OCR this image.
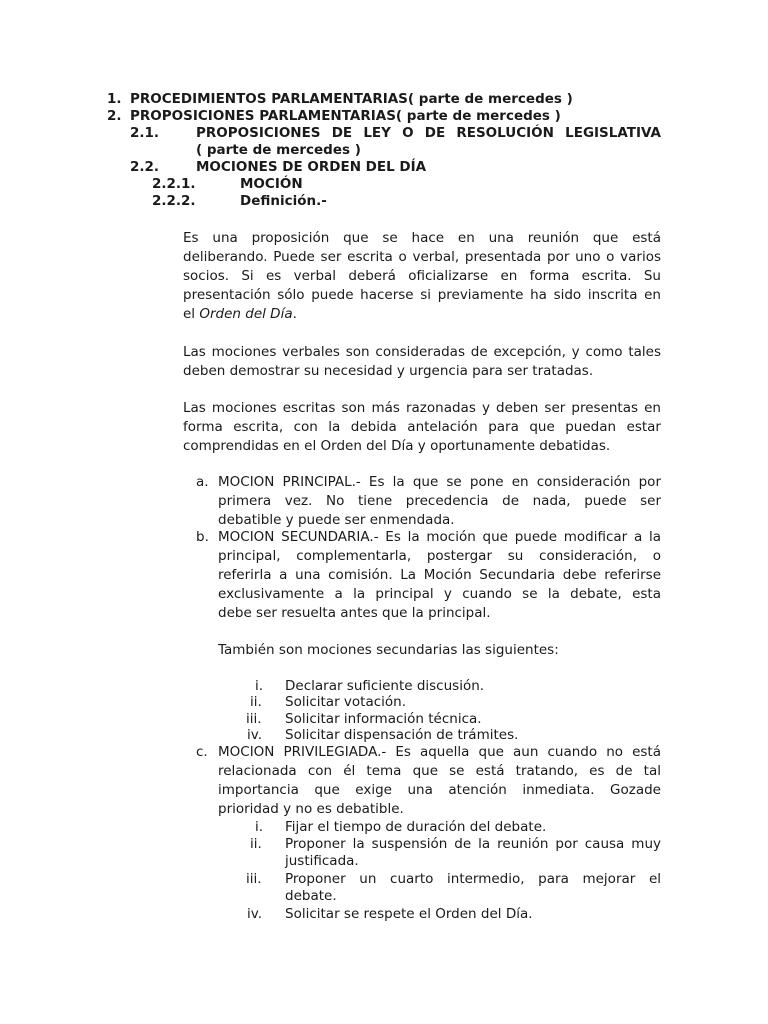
1. PROCEDIMIENTOS PARLAMENTARIAS( parte de mercedes )
2. PROPOSICIONES PARLAMENTARIAS( parte de mercedes )
2.1.	PROPOSICIONES DE LEY O DE RESOLUCIÓN LEGISLATIVA
( parte de mercedes )
2.2.	MOCIONES DE ORDEN DEL DÍA
2.2.1.	MOCIÓN
2.2.2.	Definición.-
Es una proposición que se hace en una reunión que está
deliberando. Puede ser escrita o verbal, presentada por uno o varios
socios. Si es verbal deberá oficializarse en forma escrita. Su
presentación sólo puede hacerse si previamente ha sido inscrita en
el Orden del Día.
Las mociones verbales son consideradas de excepción, y como tales
deben demostrar su necesidad y urgencia para ser tratadas.
Las mociones escritas son más razonadas y deben ser presentas en
forma escrita, con la debida antelación para que puedan estar
comprendidas en el Orden del Día y oportunamente debatidas.
a. MOCION PRINCIPAL.- Es la que se pone en consideración por
primera vez. No tiene precedencia de nada, puede ser
debatible y puede ser enmendada.
b. MOCION SECUNDARIA.- Es la moción que puede modificar a la
principal, complementarla, postergar su consideración, o
referirla a una comisión. La Moción Secundaria debe referirse
exclusivamente a la principal y cuando se la debate, esta
debe ser resuelta antes que la principal.
También son mociones secundarias las siguientes:
i. Declarar suficiente discusión.
ii. Solicitar votación.
iii. Solicitar información técnica.
iv. Solicitar dispensación de trámites.
c. MOCION PRIVILEGIADA.- Es aquella que aun cuando no está
relacionada con él tema que se está tratando, es de tal
importancia que exige una atención inmediata. Gozade
prioridad y no es debatible.
i. Fijar el tiempo de duración del debate.
ii. Proponer la suspensión de la reunión por causa muy
justificada.
iii. Proponer un cuarto intermedio, para mejorar el
debate.
iv. Solicitar se respete el Orden del Día.
